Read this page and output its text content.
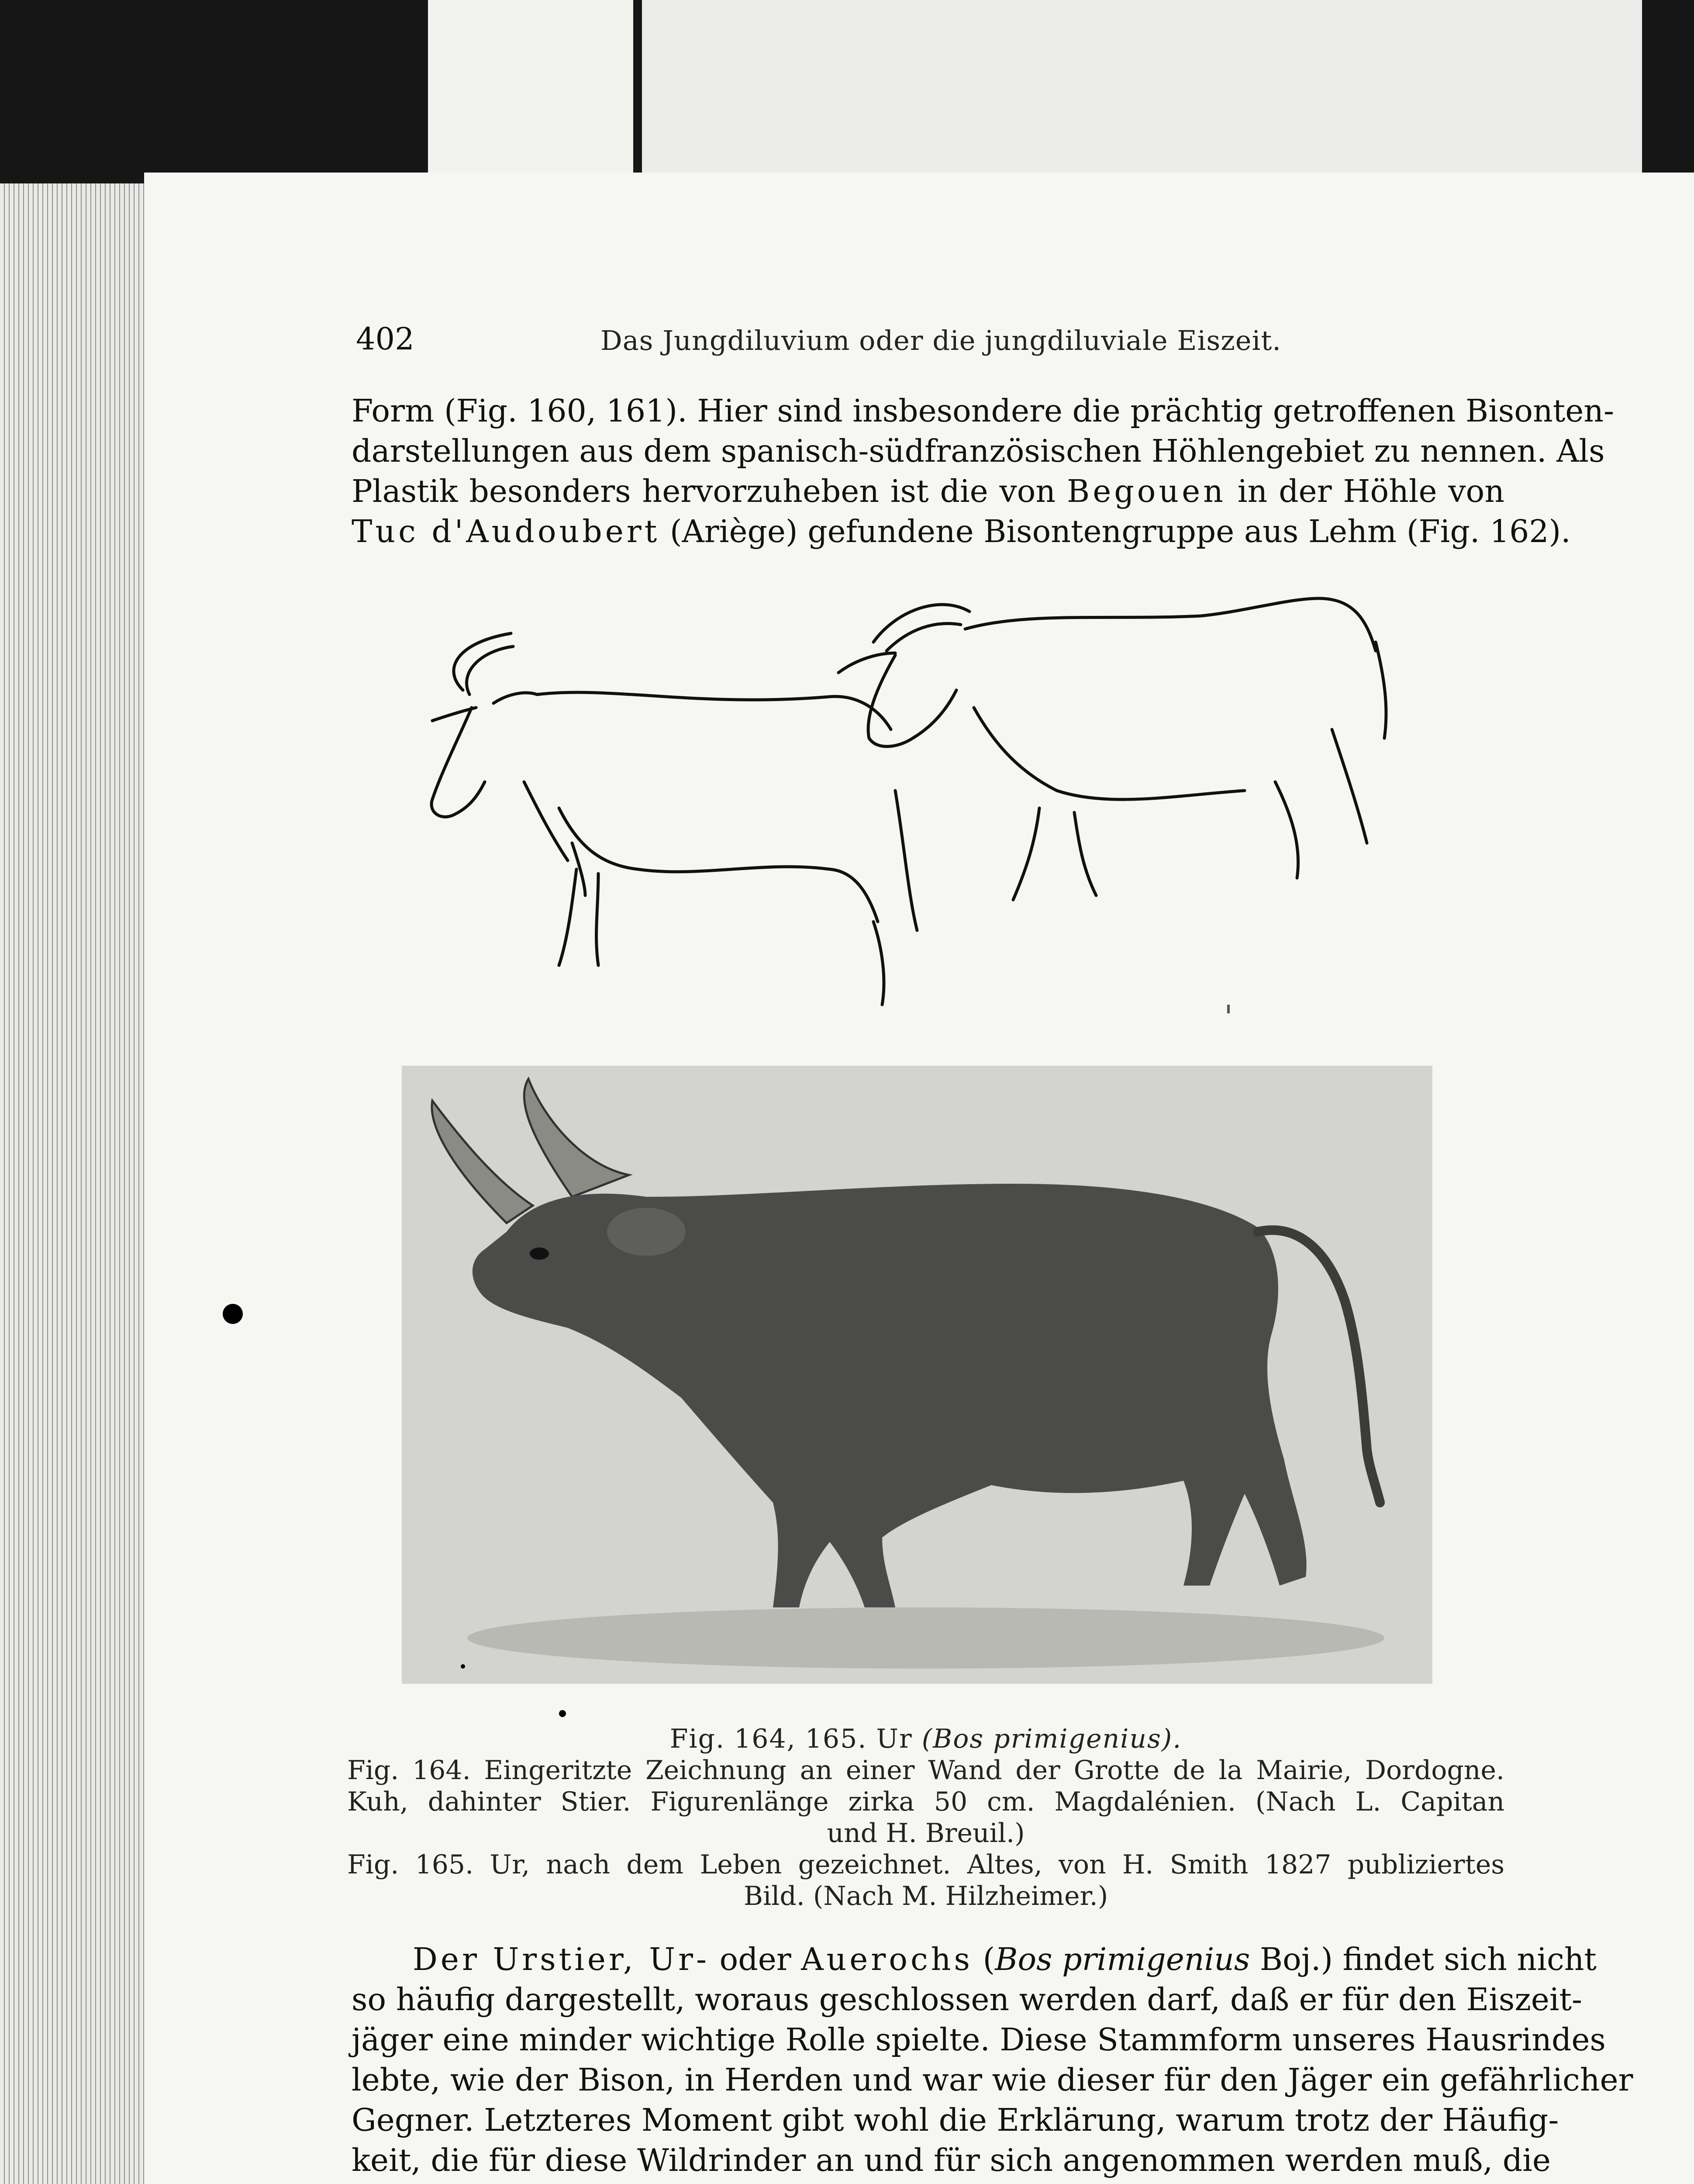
402	Das Jungdiluvium oder die jungdiluviale Eiszeit.

Form (Fig. 160, 161). Hier sind insbesondere die prächtig getroffenen Bisonten-
darstellungen aus dem spanisch-südfranzösischen Höhlengebiet zu nennen. Als
Plastik besonders hervorzuheben ist die von Begouen in der Höhle von
Tuc d'Audoubert (Ariège) gefundene Bisontengruppe aus Lehm (Fig. 162).

Fig. 164, 165. Ur (Bos primigenius).
Fig. 164. Eingeritzte Zeichnung an einer Wand der Grotte de la Mairie, Dordogne.
Kuh, dahinter Stier. Figurenlänge zirka 50 cm. Magdalénien. (Nach L. Capitan
und H. Breuil.)
Fig. 165. Ur, nach dem Leben gezeichnet. Altes, von H. Smith 1827 publiziertes
Bild. (Nach M. Hilzheimer.)

Der Urstier, Ur- oder Auerochs (Bos primigenius Boj.) findet sich nicht
so häufig dargestellt, woraus geschlossen werden darf, daß er für den Eiszeit-
jäger eine minder wichtige Rolle spielte. Diese Stammform unseres Hausrindes
lebte, wie der Bison, in Herden und war wie dieser für den Jäger ein gefährlicher
Gegner. Letzteres Moment gibt wohl die Erklärung, warum trotz der Häufig-
keit, die für diese Wildrinder an und für sich angenommen werden muß, die
